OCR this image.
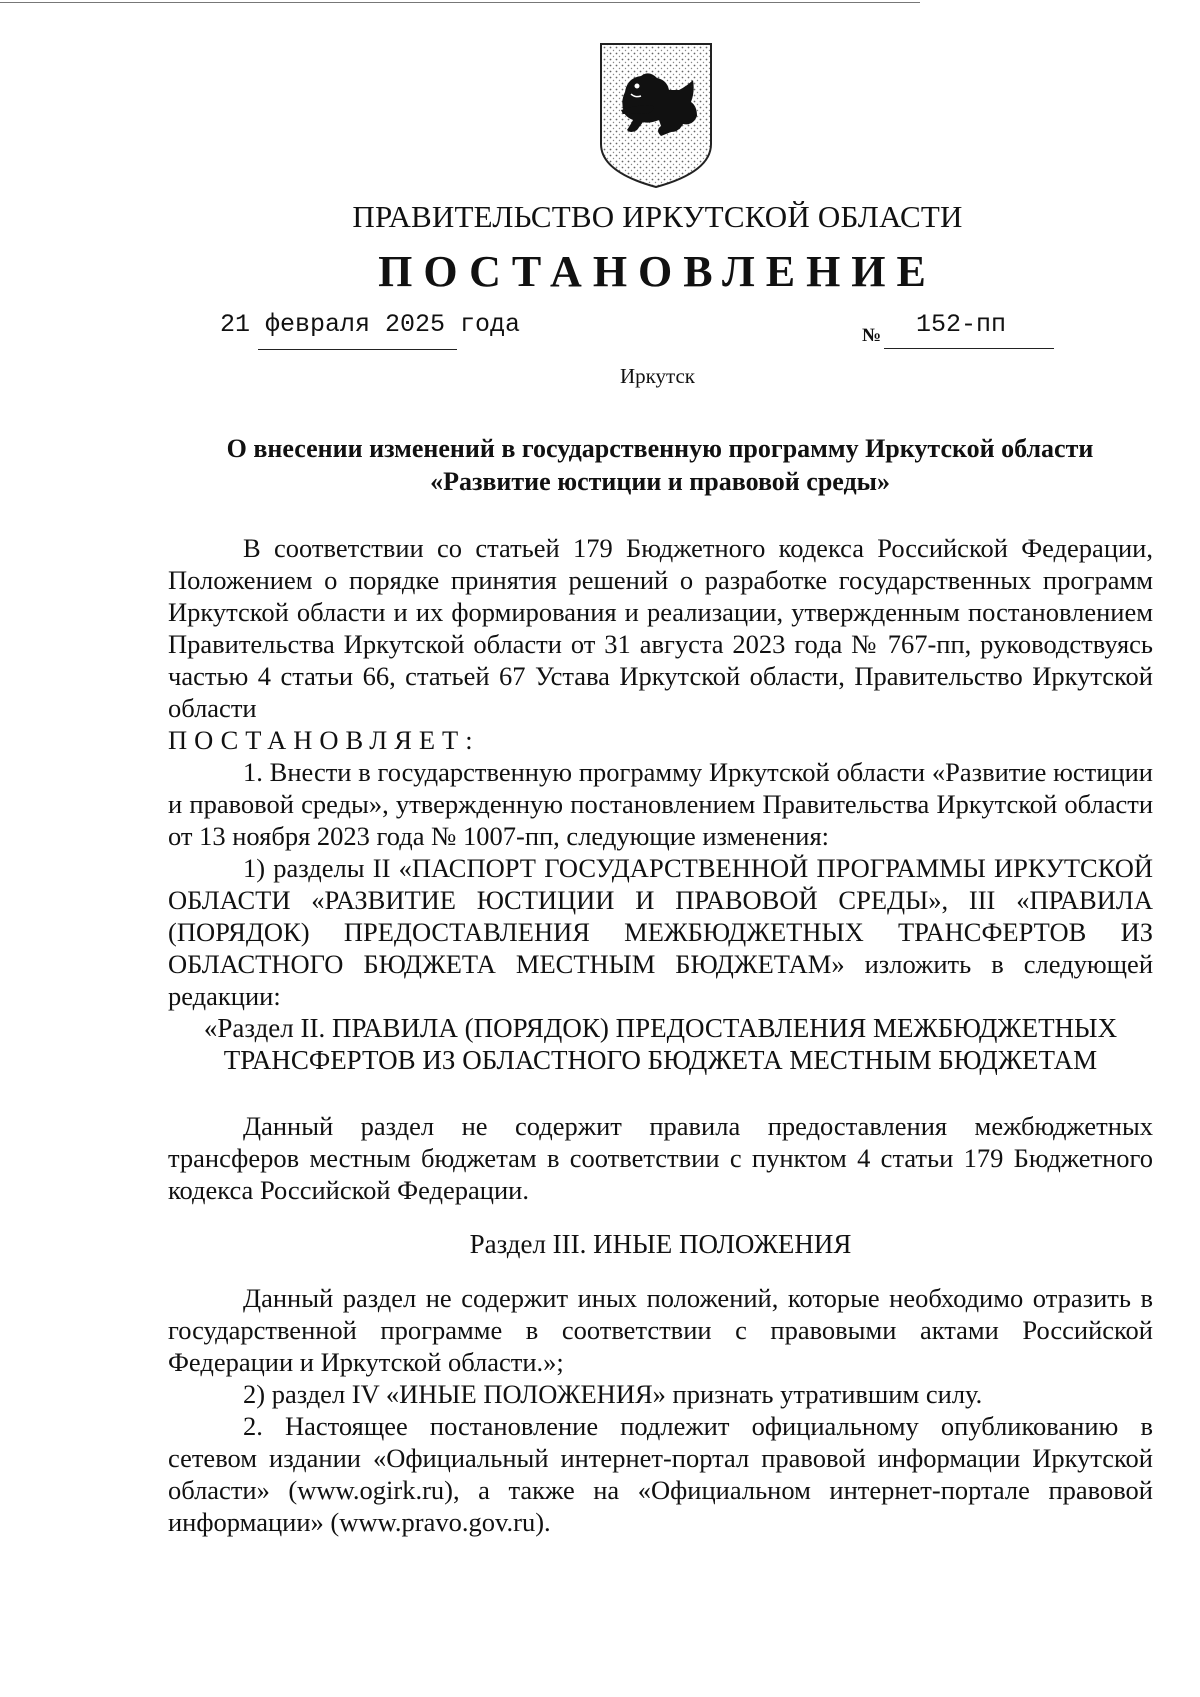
ПРАВИТЕЛЬСТВО ИРКУТСКОЙ ОБЛАСТИ
ПОСТАНОВЛЕНИЕ
21 февраля 2025 года	№ 152-пп
Иркутск
О внесении изменений в государственную программу Иркутской области
«Развитие юстиции и правовой среды»

В соответствии со статьей 179 Бюджетного кодекса Российской Федерации, Положением о порядке принятия решений о разработке государственных программ Иркутской области и их формирования и реализации, утвержденным постановлением Правительства Иркутской области от 31 августа 2023 года № 767-пп, руководствуясь частью 4 статьи 66, статьей 67 Устава Иркутской области, Правительство Иркутской области

ПОСТАНОВЛЯЕТ:

1. Внести в государственную программу Иркутской области «Развитие юстиции и правовой среды», утвержденную постановлением Правительства Иркутской области от 13 ноября 2023 года № 1007-пп, следующие изменения:

1) разделы II «ПАСПОРТ ГОСУДАРСТВЕННОЙ ПРОГРАММЫ ИРКУТСКОЙ ОБЛАСТИ «РАЗВИТИЕ ЮСТИЦИИ И ПРАВОВОЙ СРЕДЫ», III «ПРАВИЛА (ПОРЯДОК) ПРЕДОСТАВЛЕНИЯ МЕЖБЮДЖЕТНЫХ ТРАНСФЕРТОВ ИЗ ОБЛАСТНОГО БЮДЖЕТА МЕСТНЫМ БЮДЖЕТАМ» изложить в следующей редакции:

«Раздел II. ПРАВИЛА (ПОРЯДОК) ПРЕДОСТАВЛЕНИЯ МЕЖБЮДЖЕТНЫХ

ТРАНСФЕРТОВ ИЗ ОБЛАСТНОГО БЮДЖЕТА МЕСТНЫМ БЮДЖЕТАМ

Данный раздел не содержит правила предоставления межбюджетных трансферов местным бюджетам в соответствии с пунктом 4 статьи 179 Бюджетного кодекса Российской Федерации.

Раздел III. ИНЫЕ ПОЛОЖЕНИЯ

Данный раздел не содержит иных положений, которые необходимо отразить в государственной программе в соответствии с правовыми актами Российской Федерации и Иркутской области.»;

2) раздел IV «ИНЫЕ ПОЛОЖЕНИЯ» признать утратившим силу.

2. Настоящее постановление подлежит официальному опубликованию в сетевом издании «Официальный интернет-портал правовой информации Иркутской области» (www.ogirk.ru), а также на «Официальном интернет-портале правовой информации» (www.pravo.gov.ru).
